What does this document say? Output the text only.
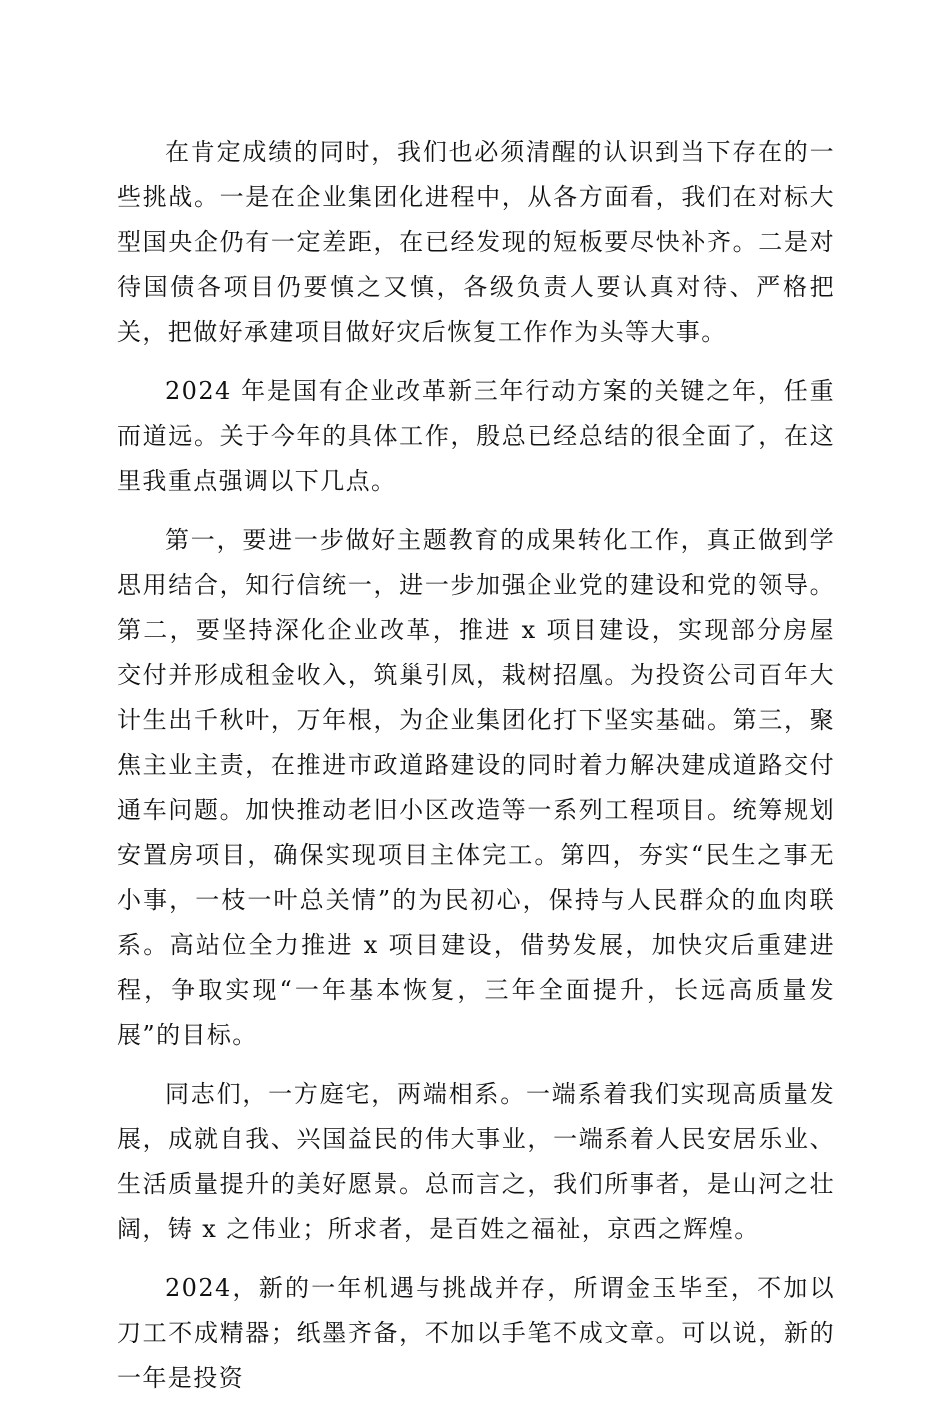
在肯定成绩的同时，我们也必须清醒的认识到当下存在的一些挑战。一是在企业集团化进程中，从各方面看，我们在对标大型国央企仍有一定差距，在已经发现的短板要尽快补齐。二是对待国债各项目仍要慎之又慎，各级负责人要认真对待、严格把关，把做好承建项目做好灾后恢复工作作为头等大事。

2024 年是国有企业改革新三年行动方案的关键之年，任重而道远。关于今年的具体工作，殷总已经总结的很全面了，在这里我重点强调以下几点。

第一，要进一步做好主题教育的成果转化工作，真正做到学思用结合，知行信统一，进一步加强企业党的建设和党的领导。第二，要坚持深化企业改革，推进 x 项目建设，实现部分房屋交付并形成租金收入，筑巢引凤，栽树招凰。为投资公司百年大计生出千秋叶，万年根，为企业集团化打下坚实基础。第三，聚焦主业主责，在推进市政道路建设的同时着力解决建成道路交付通车问题。加快推动老旧小区改造等一系列工程项目。统筹规划安置房项目，确保实现项目主体完工。第四，夯实“民生之事无小事，一枝一叶总关情”的为民初心，保持与人民群众的血肉联系。高站位全力推进 x 项目建设，借势发展，加快灾后重建进程，争取实现“一年基本恢复，三年全面提升，长远高质量发展”的目标。

同志们，一方庭宅，两端相系。一端系着我们实现高质量发展，成就自我、兴国益民的伟大事业，一端系着人民安居乐业、生活质量提升的美好愿景。总而言之，我们所事者，是山河之壮阔，铸 x 之伟业；所求者，是百姓之福祉，京西之辉煌。

2024，新的一年机遇与挑战并存，所谓金玉毕至，不加以刀工不成精器；纸墨齐备，不加以手笔不成文章。可以说，新的一年是投资
